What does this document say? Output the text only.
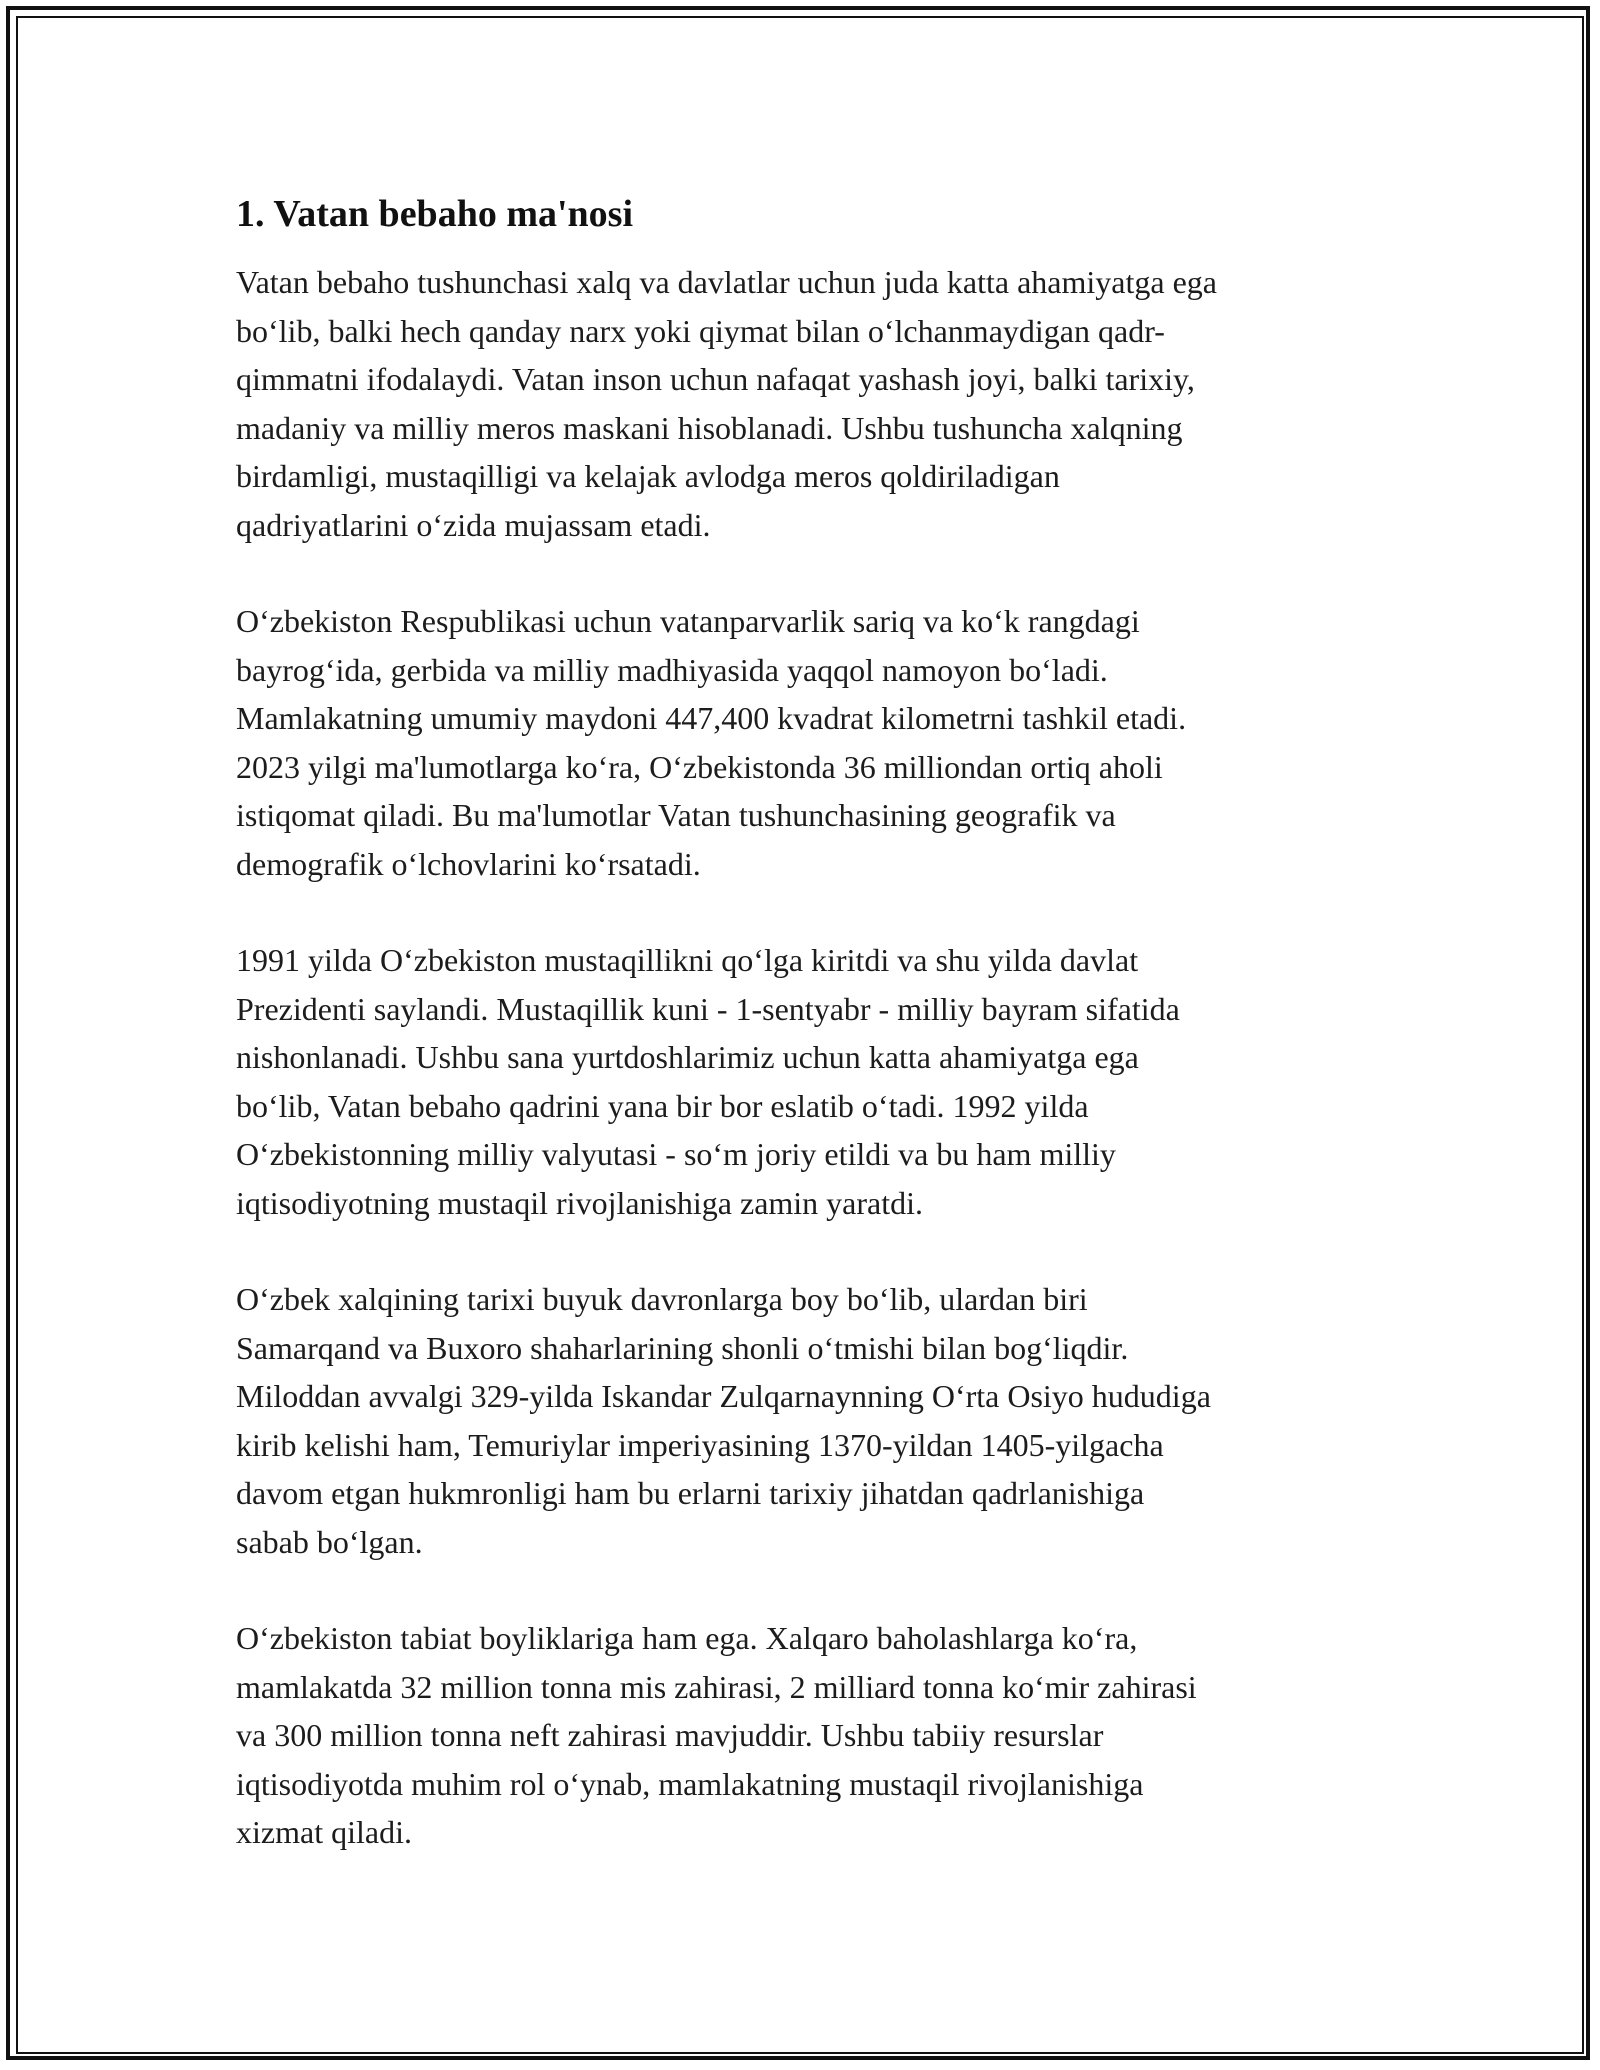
1. Vatan bebaho ma'nosi

Vatan bebaho tushunchasi xalq va davlatlar uchun juda katta ahamiyatga ega
bo‘lib, balki hech qanday narx yoki qiymat bilan o‘lchanmaydigan qadr-
qimmatni ifodalaydi. Vatan inson uchun nafaqat yashash joyi, balki tarixiy,
madaniy va milliy meros maskani hisoblanadi. Ushbu tushuncha xalqning
birdamligi, mustaqilligi va kelajak avlodga meros qoldiriladigan
qadriyatlarini o‘zida mujassam etadi.

O‘zbekiston Respublikasi uchun vatanparvarlik sariq va ko‘k rangdagi
bayrog‘ida, gerbida va milliy madhiyasida yaqqol namoyon bo‘ladi.
Mamlakatning umumiy maydoni 447,400 kvadrat kilometrni tashkil etadi.
2023 yilgi ma'lumotlarga ko‘ra, O‘zbekistonda 36 milliondan ortiq aholi
istiqomat qiladi. Bu ma'lumotlar Vatan tushunchasining geografik va
demografik o‘lchovlarini ko‘rsatadi.

1991 yilda O‘zbekiston mustaqillikni qo‘lga kiritdi va shu yilda davlat
Prezidenti saylandi. Mustaqillik kuni - 1-sentyabr - milliy bayram sifatida
nishonlanadi. Ushbu sana yurtdoshlarimiz uchun katta ahamiyatga ega
bo‘lib, Vatan bebaho qadrini yana bir bor eslatib o‘tadi. 1992 yilda
O‘zbekistonning milliy valyutasi - so‘m joriy etildi va bu ham milliy
iqtisodiyotning mustaqil rivojlanishiga zamin yaratdi.

O‘zbek xalqining tarixi buyuk davronlarga boy bo‘lib, ulardan biri
Samarqand va Buxoro shaharlarining shonli o‘tmishi bilan bog‘liqdir.
Miloddan avvalgi 329-yilda Iskandar Zulqarnaynning O‘rta Osiyo hududiga
kirib kelishi ham, Temuriylar imperiyasining 1370-yildan 1405-yilgacha
davom etgan hukmronligi ham bu erlarni tarixiy jihatdan qadrlanishiga
sabab bo‘lgan.

O‘zbekiston tabiat boyliklariga ham ega. Xalqaro baholashlarga ko‘ra,
mamlakatda 32 million tonna mis zahirasi, 2 milliard tonna ko‘mir zahirasi
va 300 million tonna neft zahirasi mavjuddir. Ushbu tabiiy resurslar
iqtisodiyotda muhim rol o‘ynab, mamlakatning mustaqil rivojlanishiga
xizmat qiladi.
